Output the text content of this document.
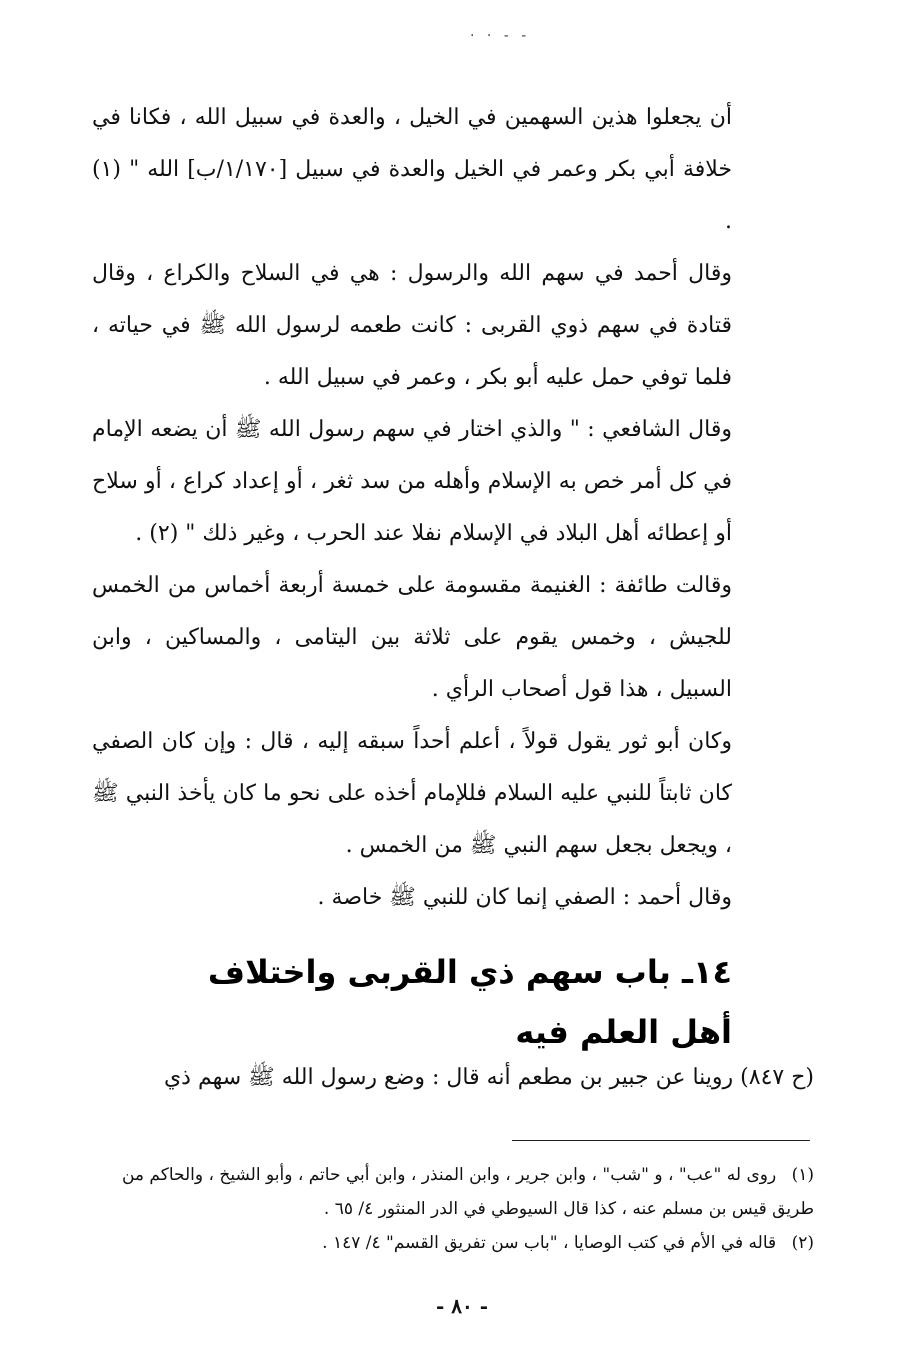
· · - -

أن يجعلوا هذين السهمين في الخيل ، والعدة في سبيل الله ، فكانا في خلافة أبي بكر وعمر في الخيل والعدة في سبيل [١/١٧٠/ب] الله " (١) .

وقال أحمد في سهم الله والرسول : هي في السلاح والكراع ، وقال قتادة في سهم ذوي القربى : كانت طعمه لرسول الله ﷺ في حياته ، فلما توفي حمل عليه أبو بكر ، وعمر في سبيل الله .

وقال الشافعي : " والذي اختار في سهم رسول الله ﷺ أن يضعه الإمام في كل أمر خص به الإسلام وأهله من سد ثغر ، أو إعداد كراع ، أو سلاح أو إعطائه أهل البلاد في الإسلام نفلا عند الحرب ، وغير ذلك " (٢) .

وقالت طائفة : الغنيمة مقسومة على خمسة أربعة أخماس من الخمس للجيش ، وخمس يقوم على ثلاثة بين اليتامى ، والمساكين ، وابن السبيل ، هذا قول أصحاب الرأي .

وكان أبو ثور يقول قولاً ، أعلم أحداً سبقه إليه ، قال : وإن كان الصفي كان ثابتاً للنبي عليه السلام فللإمام أخذه على نحو ما كان يأخذ النبي ﷺ ، ويجعل بجعل سهم النبي ﷺ من الخمس .

وقال أحمد : الصفي إنما كان للنبي ﷺ خاصة .

١٤ـ باب سهم ذي القربى واختلاف أهل العلم فيه
(ح ٨٤٧) روينا عن جبير بن مطعم أنه قال : وضع رسول الله ﷺ سهم ذي

(١) روى له "عب" ، و "شب" ، وابن جرير ، وابن المنذر ، وابن أبي حاتم ، وأبو الشيخ ، والحاكم من طريق قيس بن مسلم عنه ، كذا قال السيوطي في الدر المنثور ٤/ ٦٥ .

(٢) قاله في الأم في كتب الوصايا ، "باب سن تفريق القسم" ٤/ ١٤٧ .

- ٨٠ -
